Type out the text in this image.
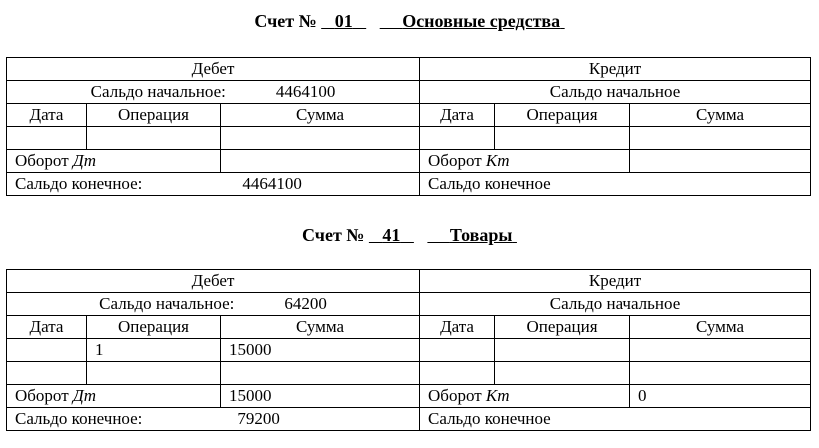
Счет № 01	Основные средства
Дебет			Кредит		
Сальдо начальное: 4464100			Сальдо начальное		
Дата	Операция	Сумма	Дата	Операция	Сумма

Оборот Дт			Оборот Кт		
Сальдо конечное: 4464100			Сальдо конечное		
Счет № 41	Товары
Дебет			Кредит		
Сальдо начальное: 64200			Сальдо начальное		
Дата	Операция	Сумма	Дата	Операция	Сумма
	1	15000			

Оборот Дт		15000	Оборот Кт		0
Сальдо конечное: 79200			Сальдо конечное		
